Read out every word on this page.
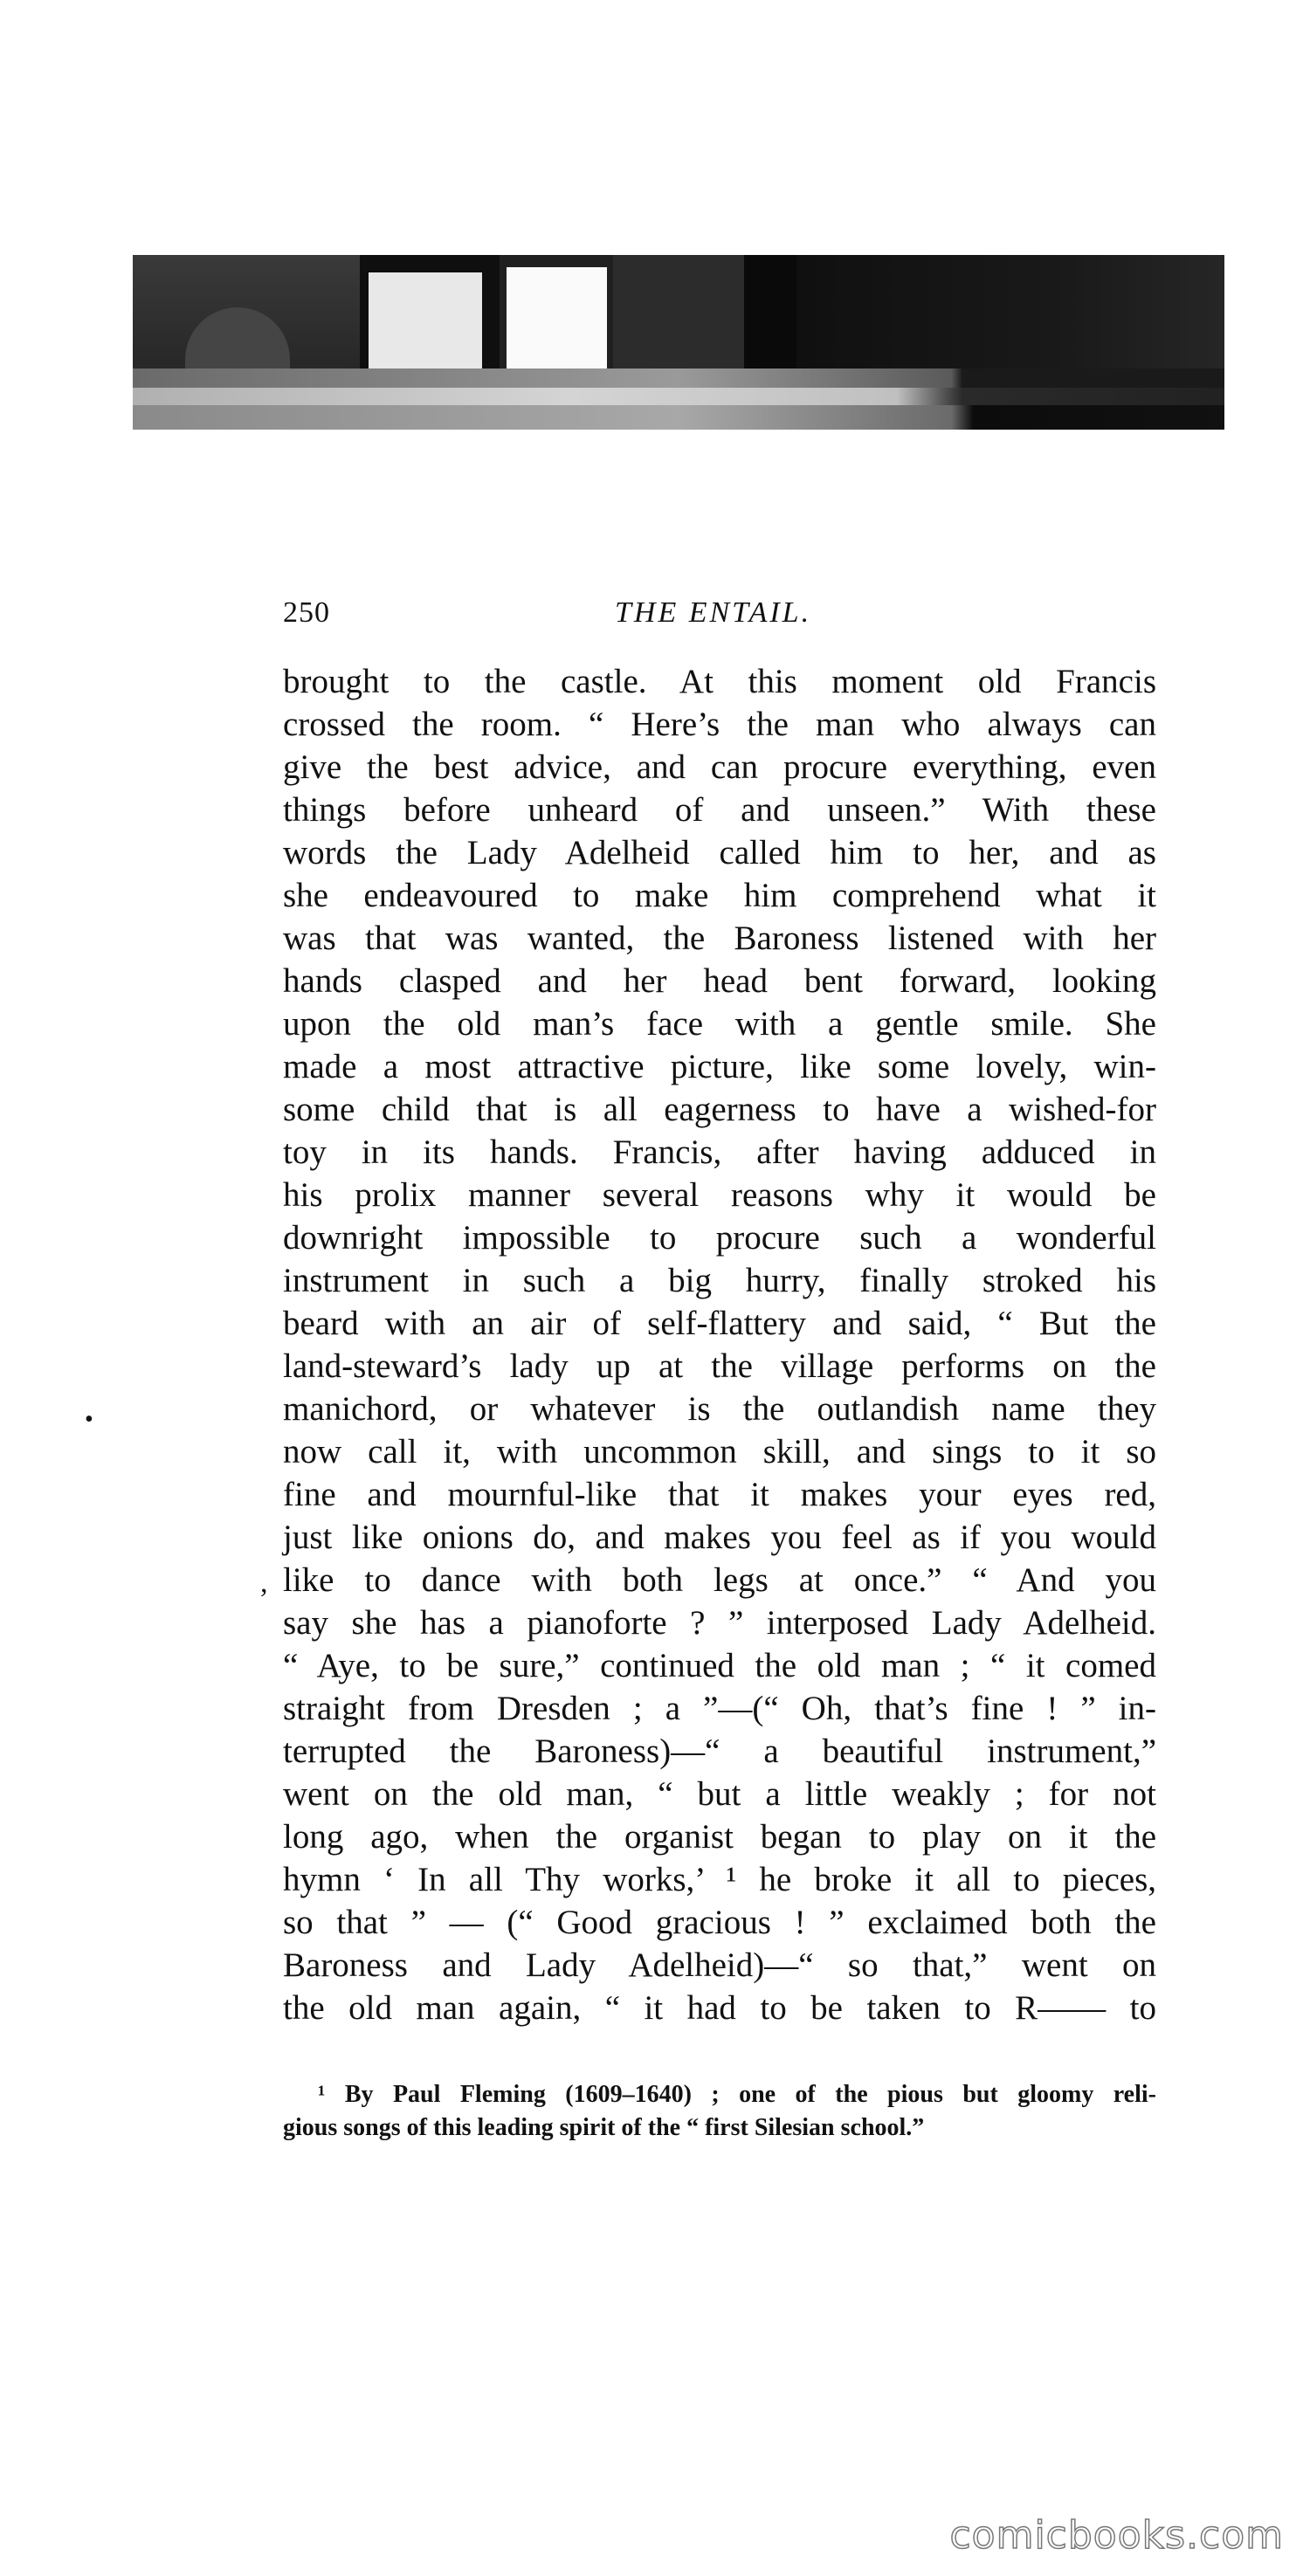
250	THE ENTAIL.
brought to the castle. At this moment old Francis
crossed the room. “ Here’s the man who always can
give the best advice, and can procure everything, even
things before unheard of and unseen.” With these
words the Lady Adelheid called him to her, and as
she endeavoured to make him comprehend what it
was that was wanted, the Baroness listened with her
hands clasped and her head bent forward, looking
upon the old man’s face with a gentle smile. She
made a most attractive picture, like some lovely, win-
some child that is all eagerness to have a wished-for
toy in its hands. Francis, after having adduced in
his prolix manner several reasons why it would be
downright impossible to procure such a wonderful
instrument in such a big hurry, finally stroked his
beard with an air of self-flattery and said, “ But the
land-steward’s lady up at the village performs on the
manichord, or whatever is the outlandish name they
now call it, with uncommon skill, and sings to it so
fine and mournful-like that it makes your eyes red,
just like onions do, and makes you feel as if you would
like to dance with both legs at once.” “ And you
say she has a pianoforte ? ” interposed Lady Adelheid.
“ Aye, to be sure,” continued the old man ; “ it comed
straight from Dresden ; a ”—(“ Oh, that’s fine ! ” in-
terrupted the Baroness)—“ a beautiful instrument,”
went on the old man, “ but a little weakly ; for not
long ago, when the organist began to play on it the
hymn ‘ In all Thy works,’ ¹ he broke it all to pieces,
so that ” — (“ Good gracious ! ” exclaimed both the
Baroness and Lady Adelheid)—“ so that,” went on
the old man again, “ it had to be taken to R—— to
•
,
¹ By Paul Fleming (1609–1640) ; one of the pious but gloomy reli-
gious songs of this leading spirit of the “ first Silesian school.”
comicbooks.com
